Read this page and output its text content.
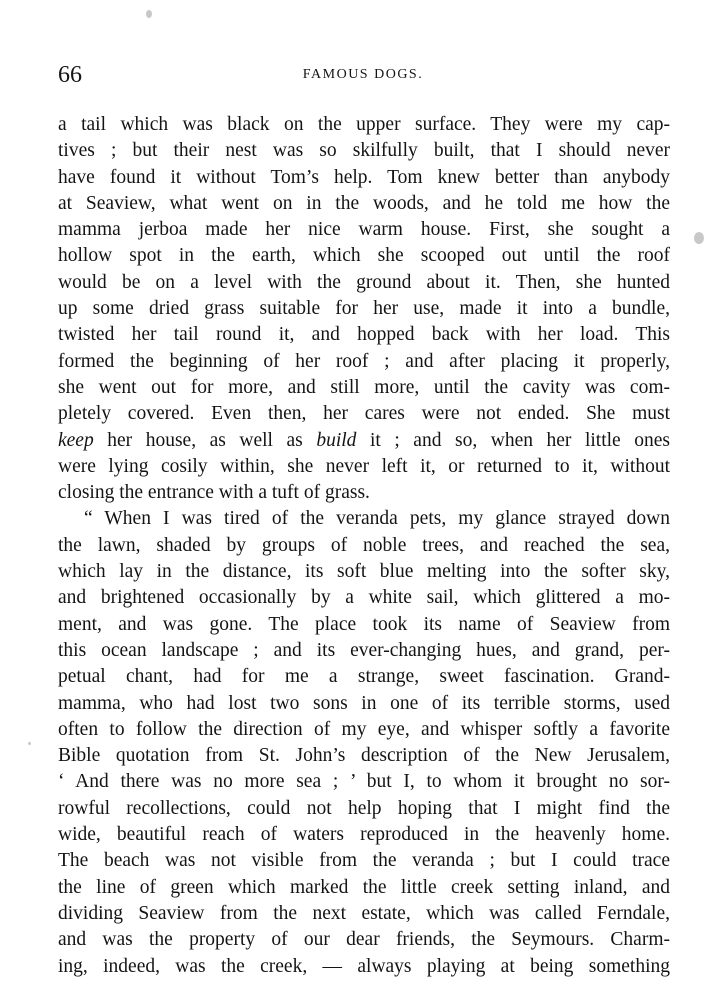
66	FAMOUS DOGS.
a tail which was black on the upper surface. They were my cap-
tives ; but their nest was so skilfully built, that I should never
have found it without Tom’s help. Tom knew better than anybody
at Seaview, what went on in the woods, and he told me how the
mamma jerboa made her nice warm house. First, she sought a
hollow spot in the earth, which she scooped out until the roof
would be on a level with the ground about it. Then, she hunted
up some dried grass suitable for her use, made it into a bundle,
twisted her tail round it, and hopped back with her load. This
formed the beginning of her roof ; and after placing it properly,
she went out for more, and still more, until the cavity was com-
pletely covered. Even then, her cares were not ended. She must
keep her house, as well as build it ; and so, when her little ones
were lying cosily within, she never left it, or returned to it, without
closing the entrance with a tuft of grass.
“ When I was tired of the veranda pets, my glance strayed down
the lawn, shaded by groups of noble trees, and reached the sea,
which lay in the distance, its soft blue melting into the softer sky,
and brightened occasionally by a white sail, which glittered a mo-
ment, and was gone. The place took its name of Seaview from
this ocean landscape ; and its ever-changing hues, and grand, per-
petual chant, had for me a strange, sweet fascination. Grand-
mamma, who had lost two sons in one of its terrible storms, used
often to follow the direction of my eye, and whisper softly a favorite
Bible quotation from St. John’s description of the New Jerusalem,
‘ And there was no more sea ; ’ but I, to whom it brought no sor-
rowful recollections, could not help hoping that I might find the
wide, beautiful reach of waters reproduced in the heavenly home.
The beach was not visible from the veranda ; but I could trace
the line of green which marked the little creek setting inland, and
dividing Seaview from the next estate, which was called Ferndale,
and was the property of our dear friends, the Seymours. Charm-
ing, indeed, was the creek, — always playing at being something
